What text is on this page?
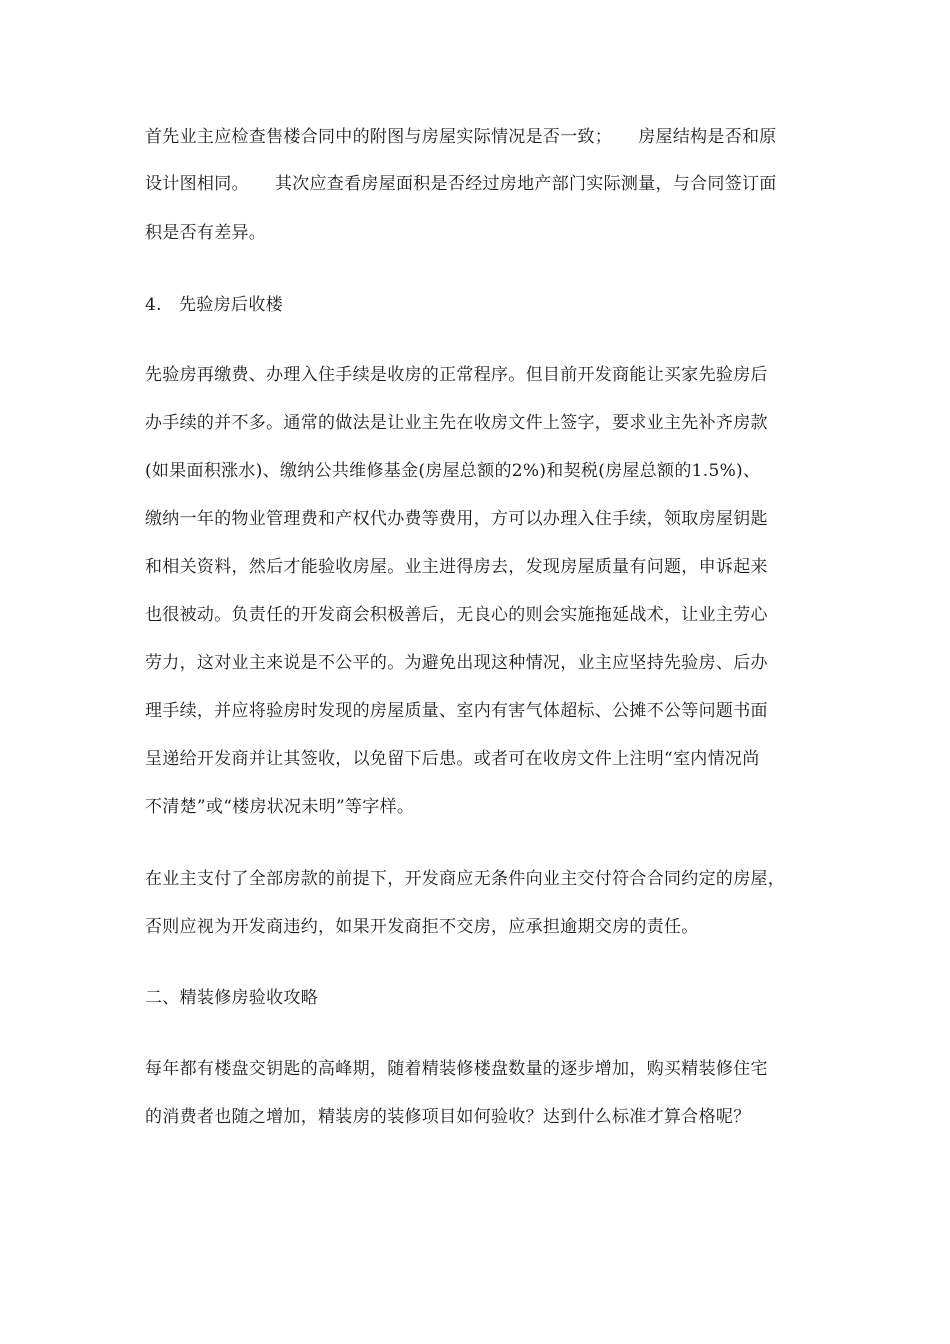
首先业主应检查售楼合同中的附图与房屋实际情况是否一致；　　房屋结构是否和原
设计图相同。　　其次应查看房屋面积是否经过房地产部门实际测量，与合同签订面
积是否有差异。
4.　先验房后收楼
先验房再缴费、办理入住手续是收房的正常程序。但目前开发商能让买家先验房后
办手续的并不多。通常的做法是让业主先在收房文件上签字，要求业主先补齐房款
(如果面积涨水)、缴纳公共维修基金(房屋总额的2%)和契税(房屋总额的1.5%)、
缴纳一年的物业管理费和产权代办费等费用，方可以办理入住手续，领取房屋钥匙
和相关资料，然后才能验收房屋。业主进得房去，发现房屋质量有问题，申诉起来
也很被动。负责任的开发商会积极善后，无良心的则会实施拖延战术，让业主劳心
劳力，这对业主来说是不公平的。为避免出现这种情况，业主应坚持先验房、后办
理手续，并应将验房时发现的房屋质量、室内有害气体超标、公摊不公等问题书面
呈递给开发商并让其签收，以免留下后患。或者可在收房文件上注明“室内情况尚
不清楚”或“楼房状况未明”等字样。
在业主支付了全部房款的前提下，开发商应无条件向业主交付符合合同约定的房屋，
否则应视为开发商违约，如果开发商拒不交房，应承担逾期交房的责任。
二、精装修房验收攻略
每年都有楼盘交钥匙的高峰期，随着精装修楼盘数量的逐步增加，购买精装修住宅
的消费者也随之增加，精装房的装修项目如何验收？达到什么标准才算合格呢？
